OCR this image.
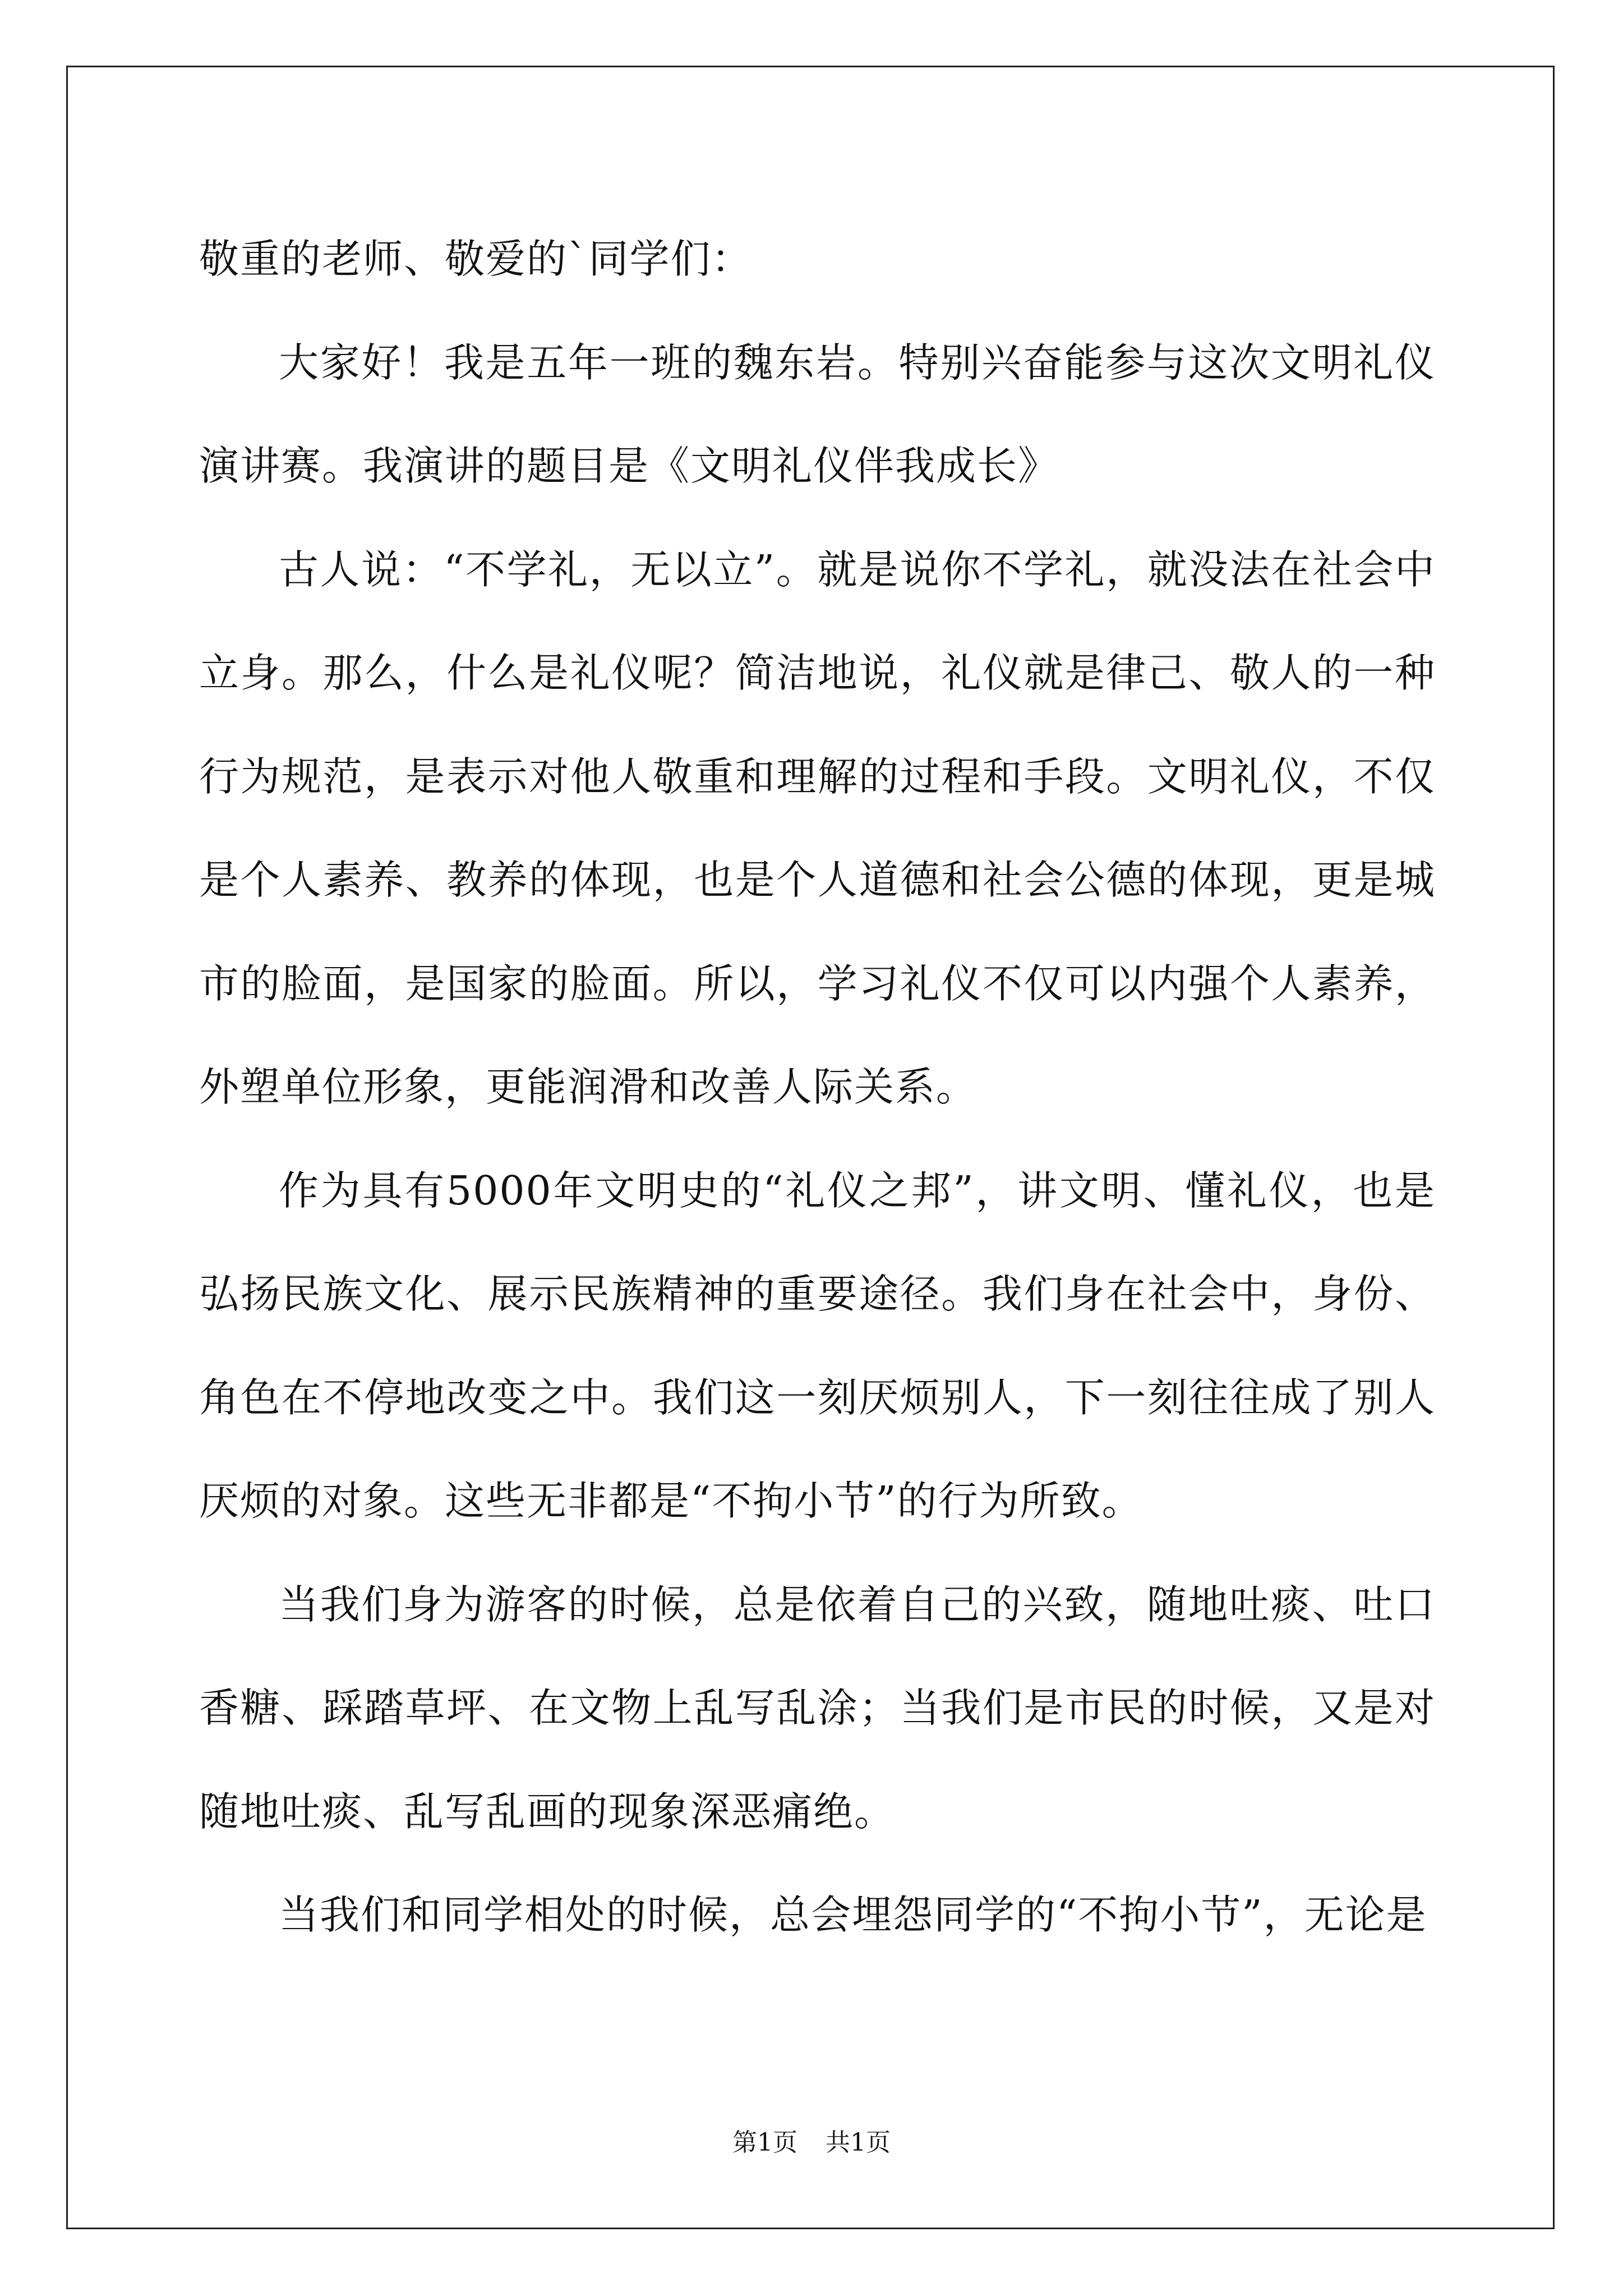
敬重的老师、敬爱的`同学们：

大家好！我是五年一班的魏东岩。特别兴奋能参与这次文明礼仪演讲赛。我演讲的题目是《文明礼仪伴我成长》

古人说：“不学礼，无以立”。就是说你不学礼，就没法在社会中立身。那么，什么是礼仪呢？简洁地说，礼仪就是律己、敬人的一种行为规范，是表示对他人敬重和理解的过程和手段。文明礼仪，不仅是个人素养、教养的体现，也是个人道德和社会公德的体现，更是城市的脸面，是国家的脸面。所以，学习礼仪不仅可以内强个人素养，外塑单位形象，更能润滑和改善人际关系。

作为具有5000年文明史的“礼仪之邦”，讲文明、懂礼仪，也是弘扬民族文化、展示民族精神的重要途径。我们身在社会中，身份、角色在不停地改变之中。我们这一刻厌烦别人，下一刻往往成了别人厌烦的对象。这些无非都是“不拘小节”的行为所致。

当我们身为游客的时候，总是依着自己的兴致，随地吐痰、吐口香糖、踩踏草坪、在文物上乱写乱涂；当我们是市民的时候，又是对随地吐痰、乱写乱画的现象深恶痛绝。

当我们和同学相处的时候，总会埋怨同学的“不拘小节”，无论是

第1页 共1页
